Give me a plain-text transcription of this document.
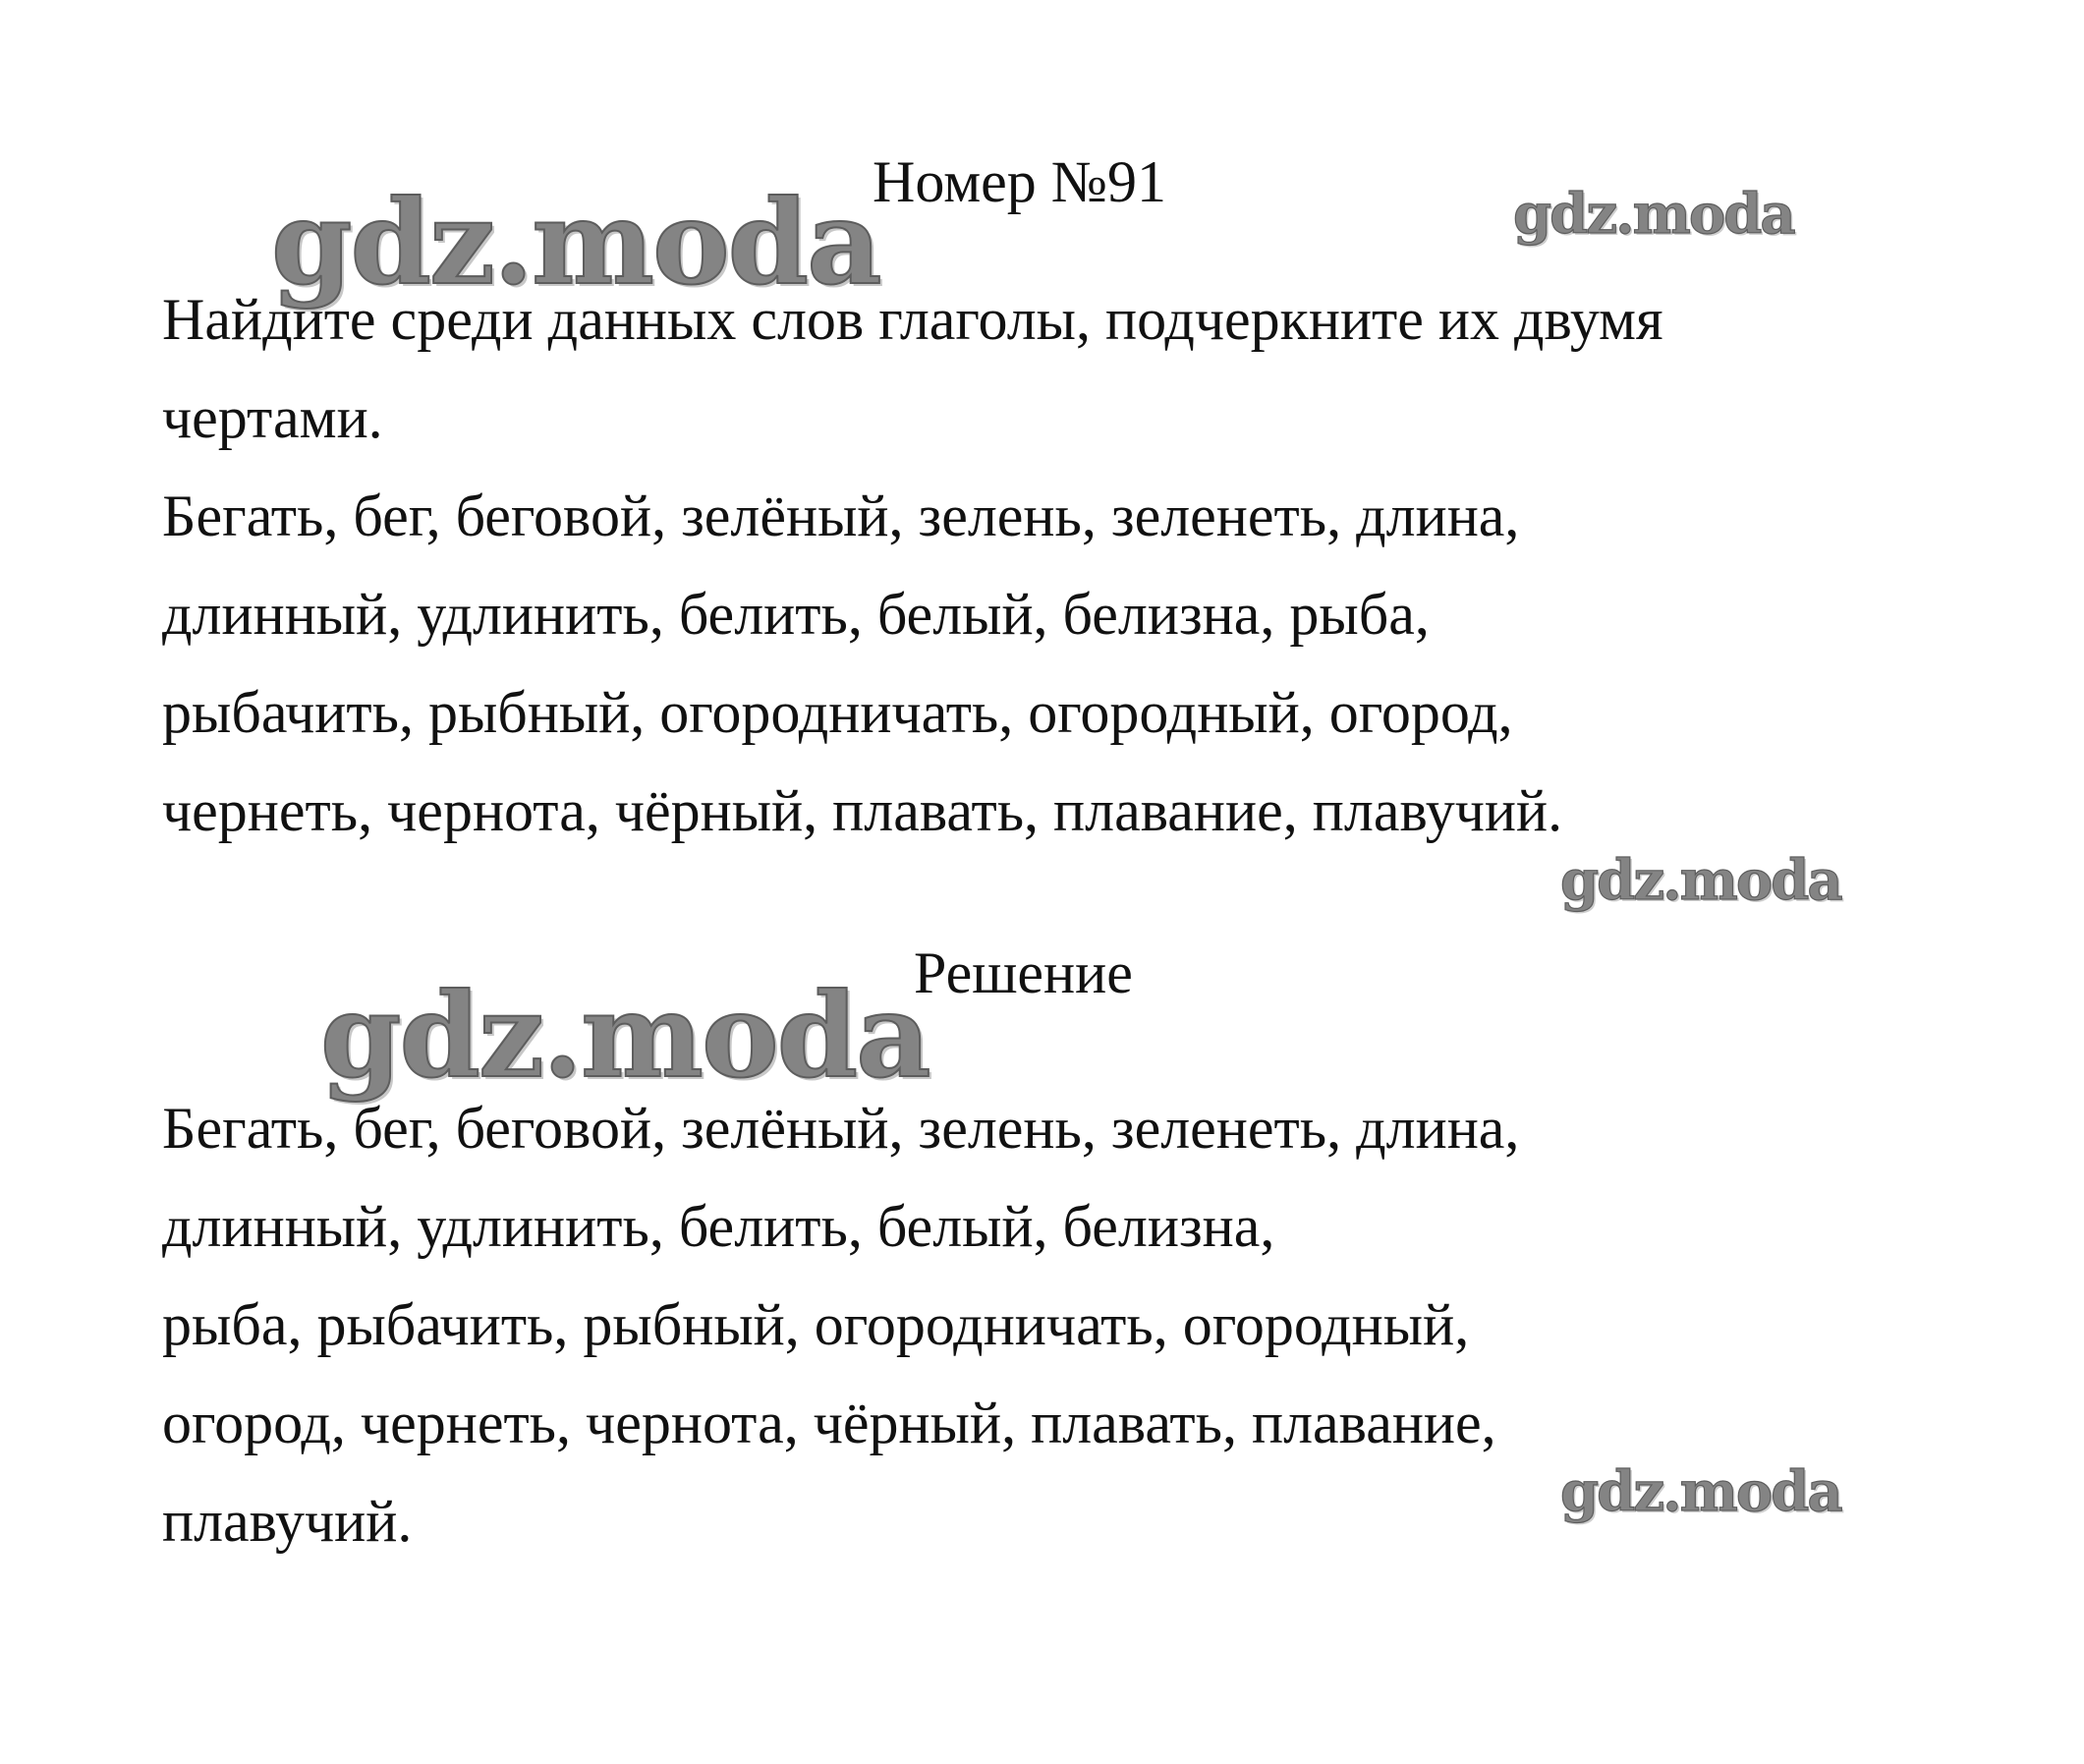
gdz.moda	gdz.moda
gdz.moda
gdz.moda
gdz.moda
Номер №91
Найдите среди данных слов глаголы, подчеркните их двумя
чертами.
Бегать, бег, беговой, зелёный, зелень, зеленеть, длина,
длинный, удлинить, белить, белый, белизна, рыба,
рыбачить, рыбный, огородничать, огородный, огород,
чернеть, чернота, чёрный, плавать, плавание, плавучий.
Решение
Бегать, бег, беговой, зелёный, зелень, зеленеть, длина,
длинный, удлинить, белить, белый, белизна,
рыба, рыбачить, рыбный, огородничать, огородный,
огород, чернеть, чернота, чёрный, плавать, плавание,
плавучий.
